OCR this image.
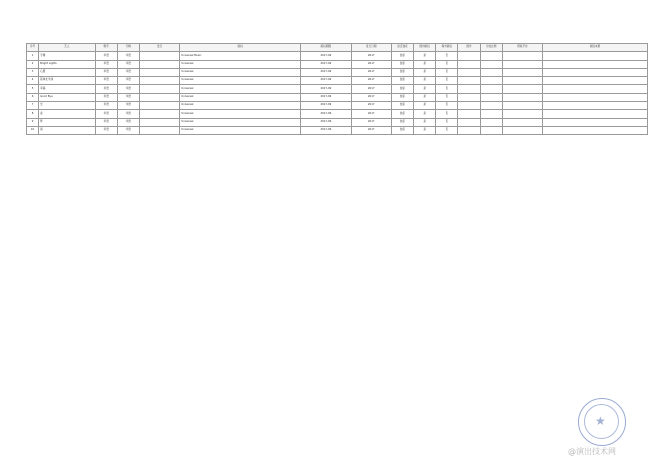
序号	艺人	歌手	专辑	发行	版权	版权期限	发行日期	是否独家	国内版权	海外版权	国外	分成比例	授权平台	版权来源
1	专辑	华语	华语		Universal Music	2017-09	2017	独家	是	否				
2	Bright Lights	华语	华语		Universal	2017-09	2017	独家	是	否				
3	心愿	华语	华语		Universal	2017-09	2017	独家	是	否				
4	孤单北半球	华语	华语		Universal	2017-09	2017	独家	是	否				
5	幸福	华语	华语		Universal	2017-09	2017	独家	是	否				
6	Good Bye	华语	华语		Universal	2017-09	2017	独家	是	否				
7	光	华语	华语		Universal	2017-09	2017	独家	是	否				
8	爱	华语	华语		Universal	2017-09	2017	独家	是	否				
9	梦	华语	华语		Universal	2017-09	2017	独家	是	否				
10	雨	华语	华语		Universal	2017-09	2017	独家	是	否				
★
@演出技术网
